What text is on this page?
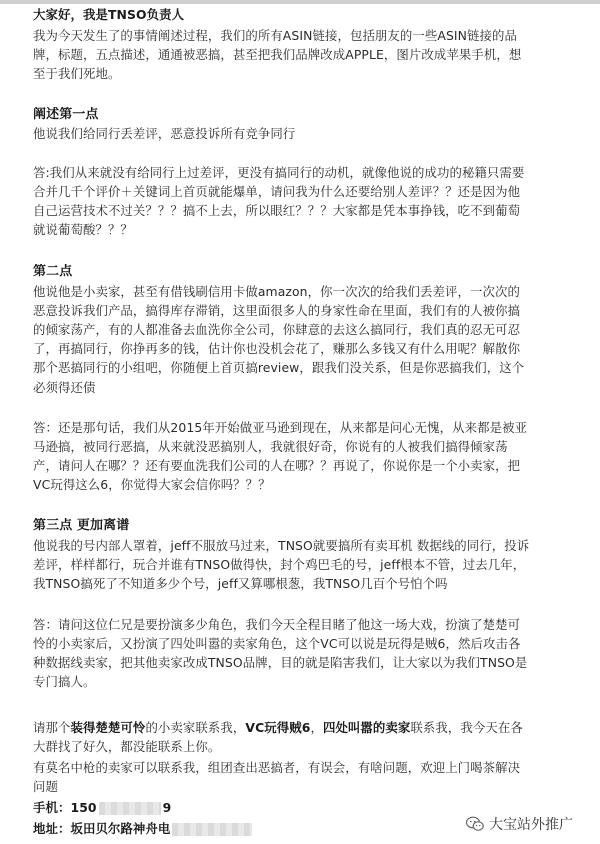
大家好，我是TNSO负责人
我为今天发生了的事情阐述过程，我们的所有ASIN链接，包括朋友的一些ASIN链接的品
牌，标题，五点描述，通通被恶搞，甚至把我们品牌改成APPLE，图片改成苹果手机，想
至于我们死地。
阐述第一点
他说我们给同行丢差评，恶意投诉所有竞争同行
答:我们从来就没有给同行上过差评，更没有搞同行的动机，就像他说的成功的秘籍只需要
合并几千个评价＋关键词上首页就能爆单，请问我为什么还要给别人差评？？还是因为他
自己运营技术不过关？？？搞不上去，所以眼红？？？大家都是凭本事挣钱，吃不到葡萄
就说葡萄酸？？？
第二点
他说他是小卖家，甚至有借钱刷信用卡做amazon，你一次次的给我们丢差评，一次次的
恶意投诉我们产品，搞得库存滞销，这里面很多人的身家性命在里面，我们有的人被你搞
的倾家荡产，有的人都准备去血洗你全公司，你肆意的去这么搞同行，我们真的忍无可忍
了，再搞同行，你挣再多的钱，估计你也没机会花了，赚那么多钱又有什么用呢？解散你
那个恶搞同行的小组吧，你随便上首页搞review，跟我们没关系，但是你恶搞我们，这个
必须得还债
答：还是那句话，我们从2015年开始做亚马逊到现在，从来都是问心无愧，从来都是被亚
马逊搞，被同行恶搞，从来就没恶搞别人，我就很好奇，你说有的人被我们搞得倾家荡
产，请问人在哪？？还有要血洗我们公司的人在哪？？再说了，你说你是一个小卖家，把
VC玩得这么6，你觉得大家会信你吗？？？
第三点 更加离谱
他说我的号内部人罩着，jeff不服放马过来，TNSO就要搞所有卖耳机 数据线的同行，投诉
差评，样样都行，玩合并谁有TNSO做得快，封个鸡巴毛的号，jeff根本不管，过去几年，
我TNSO搞死了不知道多少个号，jeff又算哪根葱，我TNSO几百个号怕个吗
答：请问这位仁兄是要扮演多少角色，我们今天全程目睹了他这一场大戏，扮演了楚楚可
怜的小卖家后，又扮演了四处叫嚣的卖家角色，这个VC可以说是玩得是贼6，然后攻击各
种数据线卖家，把其他卖家改成TNSO品牌，目的就是陷害我们，让大家以为我们TNSO是
专门搞人。
请那个装得楚楚可怜的小卖家联系我，VC玩得贼6，四处叫嚣的卖家联系我，我今天在各
大群找了好久，都没能联系上你。
有莫名中枪的卖家可以联系我，组团查出恶搞者，有误会，有啥问题，欢迎上门喝茶解决
问题
手机：150	9
地址：坂田贝尔路神舟电	大宝站外推广
